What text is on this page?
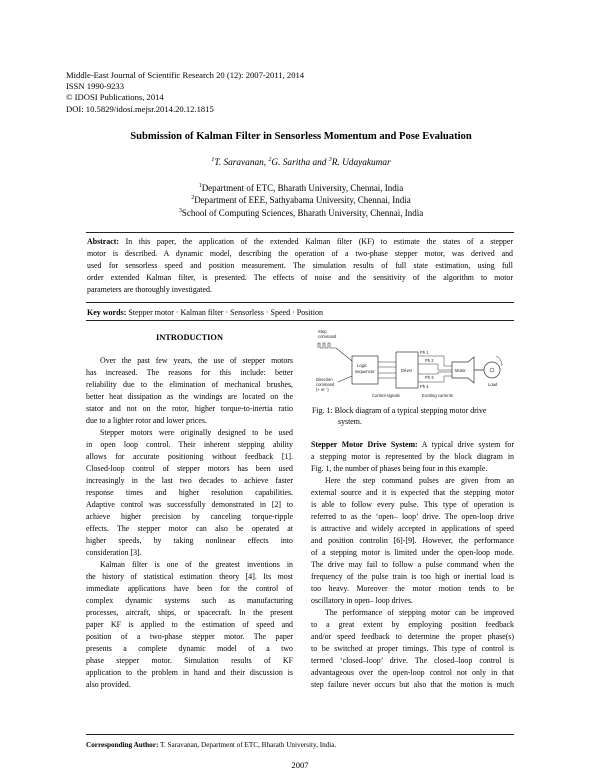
Middle-East Journal of Scientific Research 20 (12): 2007-2011, 2014
ISSN 1990-9233
© IDOSI Publications, 2014
DOI: 10.5829/idosi.mejsr.2014.20.12.1815
Submission of Kalman Filter in Sensorless Momentum and Pose Evaluation
$^1$T. Saravanan, $^2$G. Saritha and $^3$R. Udayakumar
$^1$Department of ETC, Bharath University, Chennai, India
$^2$Department of EEE, Sathyabama University, Chennai, India
$^3$School of Computing Sciences, Bharath University, Chennai, India
Abstract: In this paper, the application of the extended Kalman filter (KF) to estimate the states of a stepper
motor is described. A dynamic model, describing the operation of a two-phase stepper motor, was derived and
used for sensorless speed and position measurement. The simulation results of full state estimation, using full
order extended Kalman filter, is presented. The effects of noise and the sensitivity of the algorithm to motor
parameters are thoroughly investigated.
Key words: Stepper motor · Kalman filter · Sensorless · Speed · Position
INTRODUCTION
Over the past few years, the use of stepper motors
has increased. The reasons for this include: better
reliability due to the elimination of mechanical brushes,
better heat dissipation as the windings are located on the
stator and not on the rotor, higher torque-to-inertia ratio
due to a lighter rotor and lower prices.
Stepper motors were originally designed to be used
in open loop control. Their inherent stepping ability
allows for accurate positioning without feedback [1].
Closed-loop control of stepper motors has been used
increasingly in the last two decades to achieve faster
response times and higher resolution capabilities.
Adaptive control was successfully demonstrated in [2] to
achieve higher precision by canceling torque-ripple
effects. The stepper motor can also be operated at
higher speeds, by taking nonlinear effects into
consideration [3].
Kalman filter is one of the greatest inventions in
the history of statistical estimation theory [4]. Its most
immediate applications have been for the control of
complex dynamic systems such as manufacturing
processes, aircraft, ships, or spacecraft. In the present
paper KF is applied to the estimation of speed and
position of a two-phase stepper motor. The paper
presents a complete dynamic model of a two
phase stepper motor. Simulation results of KF
application to the problem in hand and their discussion is
also provided.
Step
command
Direction
command
(+ or -)
Logic
sequencer
Control signals
Driver
Ph 1
Ph 2
Ph 3
Ph 4
Exciting currents
Motor
Load
Fig. 1: Block diagram of a typical stepping motor drive
system.
Stepper Motor Drive System: A typical drive system for
a stepping motor is represented by the block diagram in
Fig. 1, the number of phases being four in this example.
Here the step command pulses are given from an
external source and it is expected that the stepping motor
is able to follow every pulse. This type of operation is
referred to as the ‘open– loop’ drive. The open-loop drive
is attractive and widely accepted in applications of speed
and position controlin [6]-[9]. However, the performance
of a stepping motor is limited under the open-loop mode.
The drive may fail to follow a pulse command when the
frequency of the pulse train is too high or inertial load is
too heavy. Moreover the motor motion tends to be
oscillatory in open– loop drives.
The performance of stepping motor can be improved
to a great extent by employing position feedback
and/or speed feedback to determine the proper phase(s)
to be switched at proper timings. This type of control is
termed ‘closed–loop’ drive. The closed–loop control is
advantageous over the open-loop control not only in that
step failure never occurs but also that the motion is much
Corresponding Author: T. Saravanan, Department of ETC, Bharath University, India.
2007
